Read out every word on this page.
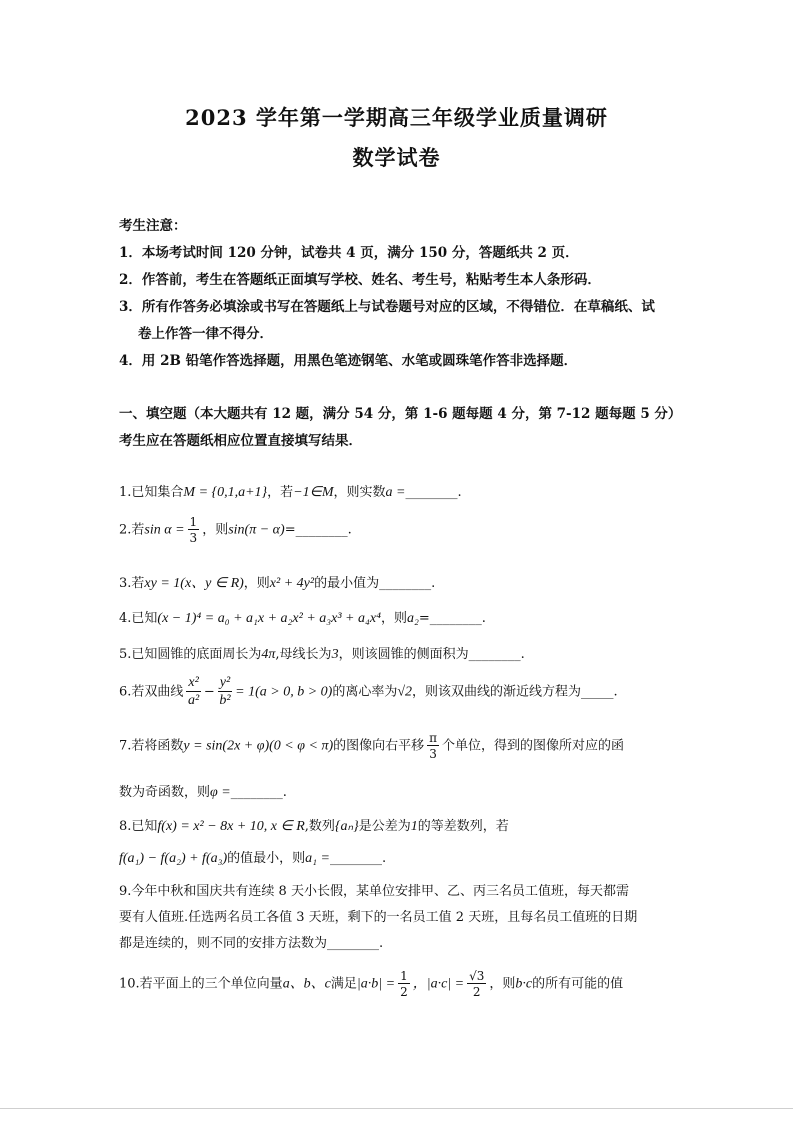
2023 学年第一学期高三年级学业质量调研
数学试卷
考生注意：
1．本场考试时间 120 分钟，试卷共 4 页，满分 150 分，答题纸共 2 页．
2．作答前，考生在答题纸正面填写学校、姓名、考生号，粘贴考生本人条形码．
3．所有作答务必填涂或书写在答题纸上与试卷题号对应的区域，不得错位．在草稿纸、试
卷上作答一律不得分．
4．用 2B 铅笔作答选择题，用黑色笔迹钢笔、水笔或圆珠笔作答非选择题．
一、填空题（本大题共有 12 题，满分 54 分，第 1-6 题每题 4 分，第 7-12 题每题 5 分）
考生应在答题纸相应位置直接填写结果．
1.已知集合M = {0,1,a+1}，若−1∈M，则实数a =________.
2.若$\sin \alpha = \frac{1}{3}$ ，则sin(π − α)=________.
3.若xy = 1(x、y ∈ R)，则x² + 4y²的最小值为________.
4.已知(x − 1)⁴ = a₀ + a₁x + a₂x² + a₃x³ + a₄x⁴，则a₂=________.
5.已知圆锥的底面周长为4π,母线长为3，则该圆锥的侧面积为________.
6.若双曲线 $\frac{\text{x²}}{\text{a²}} - \frac{\text{y²}}{\text{b²}} = 1(a > 0$, b > 0)的离心率为√2，则该双曲线的渐近线方程为_____.
7.若将函数y = sin(2x + φ)(0 < φ < π)的图像向右平移 $\frac{\pi}{3}$ 个单位，得到的图像所对应的函
数为奇函数，则φ =________.
8.已知f(x) = x² − 8x + 10, x ∈ R,数列{aₙ}是公差为1的等差数列，若
f(a₁) − f(a₂) + f(a₃)的值最小，则a₁ =________.
9.今年中秋和国庆共有连续 8 天小长假，某单位安排甲、乙、丙三名员工值班，每天都需
要有人值班.任选两名员工各值 3 天班，剩下的一名员工值 2 天班，且每名员工值班的日期
都是连续的，则不同的安排方法数为________.
10.若平面上的三个单位向量a、b、c满足$|a\cdot b| = \frac{1}{2}$ ，$|a\cdot c| = \frac{√3}{2}$ ，则b·c的所有可能的值
